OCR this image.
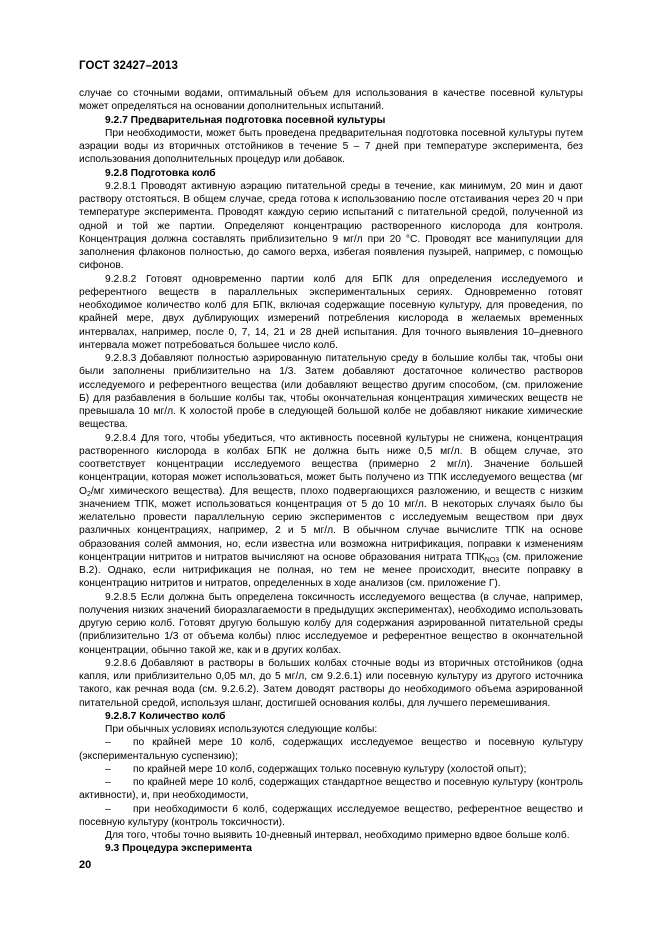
ГОСТ 32427–2013

случае со сточными водами, оптимальный объем для использования в качестве посевной культуры может определяться на основании дополнительных испытаний.

9.2.7 Предварительная подготовка посевной культуры

При необходимости, может быть проведена предварительная подготовка посевной культуры путем аэрации воды из вторичных отстойников в течение 5 – 7 дней при температуре эксперимента, без использования дополнительных процедур или добавок.

9.2.8 Подготовка колб

9.2.8.1 Проводят активную аэрацию питательной среды в течение, как минимум, 20 мин и дают раствору отстояться. В общем случае, среда готова к использованию после отстаивания через 20 ч при температуре эксперимента. Проводят каждую серию испытаний с питательной средой, полученной из одной и той же партии. Определяют концентрацию растворенного кислорода для контроля. Концентрация должна составлять приблизительно 9 мг/л при 20 °С. Проводят все манипуляции для заполнения флаконов полностью, до самого верха, избегая появления пузырей, например, с помощью сифонов.

9.2.8.2 Готовят одновременно партии колб для БПК для определения исследуемого и референтного веществ в параллельных экспериментальных сериях. Одновременно готовят необходимое количество колб для БПК, включая содержащие посевную культуру, для проведения, по крайней мере, двух дублирующих измерений потребления кислорода в желаемых временных интервалах, например, после 0, 7, 14, 21 и 28 дней испытания. Для точного выявления 10–дневного интервала может потребоваться большее число колб.

9.2.8.3 Добавляют полностью аэрированную питательную среду в большие колбы так, чтобы они были заполнены приблизительно на 1/3. Затем добавляют достаточное количество растворов исследуемого и референтного вещества (или добавляют вещество другим способом, (см. приложение Б) для разбавления в большие колбы так, чтобы окончательная концентрация химических веществ не превышала 10 мг/л. К холостой пробе в следующей большой колбе не добавляют никакие химические вещества.

9.2.8.4 Для того, чтобы убедиться, что активность посевной культуры не снижена, концентрация растворенного кислорода в колбах БПК не должна быть ниже 0,5 мг/л. В общем случае, это соответствует концентрации исследуемого вещества (примерно 2 мг/л). Значение большей концентрации, которая может использоваться, может быть получено из ТПК исследуемого вещества (мг $О_2/мг$ химического вещества). Для веществ, плохо подвергающихся разложению, и веществ с низким значением ТПК, может использоваться концентрация от 5 до 10 мг/л. В некоторых случаях было бы желательно провести параллельную серию экспериментов с исследуемым веществом при двух различных концентрациях, например, 2 и 5 мг/л. В обычном случае вычислите ТПК на основе образования солей аммония, но, если известна или возможна нитрификация, поправки к изменениям концентрации нитритов и нитратов вычисляют на основе образования нитрата $ТПК_{NO3}$ (см. приложение В.2). Однако, если нитрификация не полная, но тем не менее происходит, внесите поправку в концентрацию нитритов и нитратов, определенных в ходе анализов (см. приложение Г).

9.2.8.5 Если должна быть определена токсичность исследуемого вещества (в случае, например, получения низких значений биоразлагаемости в предыдущих экспериментах), необходимо использовать другую серию колб. Готовят другую большую колбу для содержания аэрированной питательной среды (приблизительно 1/3 от объема колбы) плюс исследуемое и референтное вещество в окончательной концентрации, обычно такой же, как и в других колбах.

9.2.8.6 Добавляют в растворы в больших колбах сточные воды из вторичных отстойников (одна капля, или приблизительно 0,05 мл, до 5 мг/л, см 9.2.6.1) или посевную культуру из другого источника такого, как речная вода (см. 9.2.6.2). Затем доводят растворы до необходимого объема аэрированной питательной средой, используя шланг, достигшей основания колбы, для лучшего перемешивания.

9.2.8.7 Количество колб

При обычных условиях используются следующие колбы:

– по крайней мере 10 колб, содержащих исследуемое вещество и посевную культуру (экспериментальную суспензию);

– по крайней мере 10 колб, содержащих только посевную культуру (холостой опыт);

– по крайней мере 10 колб, содержащих стандартное вещество и посевную культуру (контроль активности), и, при необходимости,

– при необходимости 6 колб, содержащих исследуемое вещество, референтное вещество и посевную культуру (контроль токсичности).

Для того, чтобы точно выявить 10-дневный интервал, необходимо примерно вдвое больше колб.

9.3 Процедура эксперимента

20
